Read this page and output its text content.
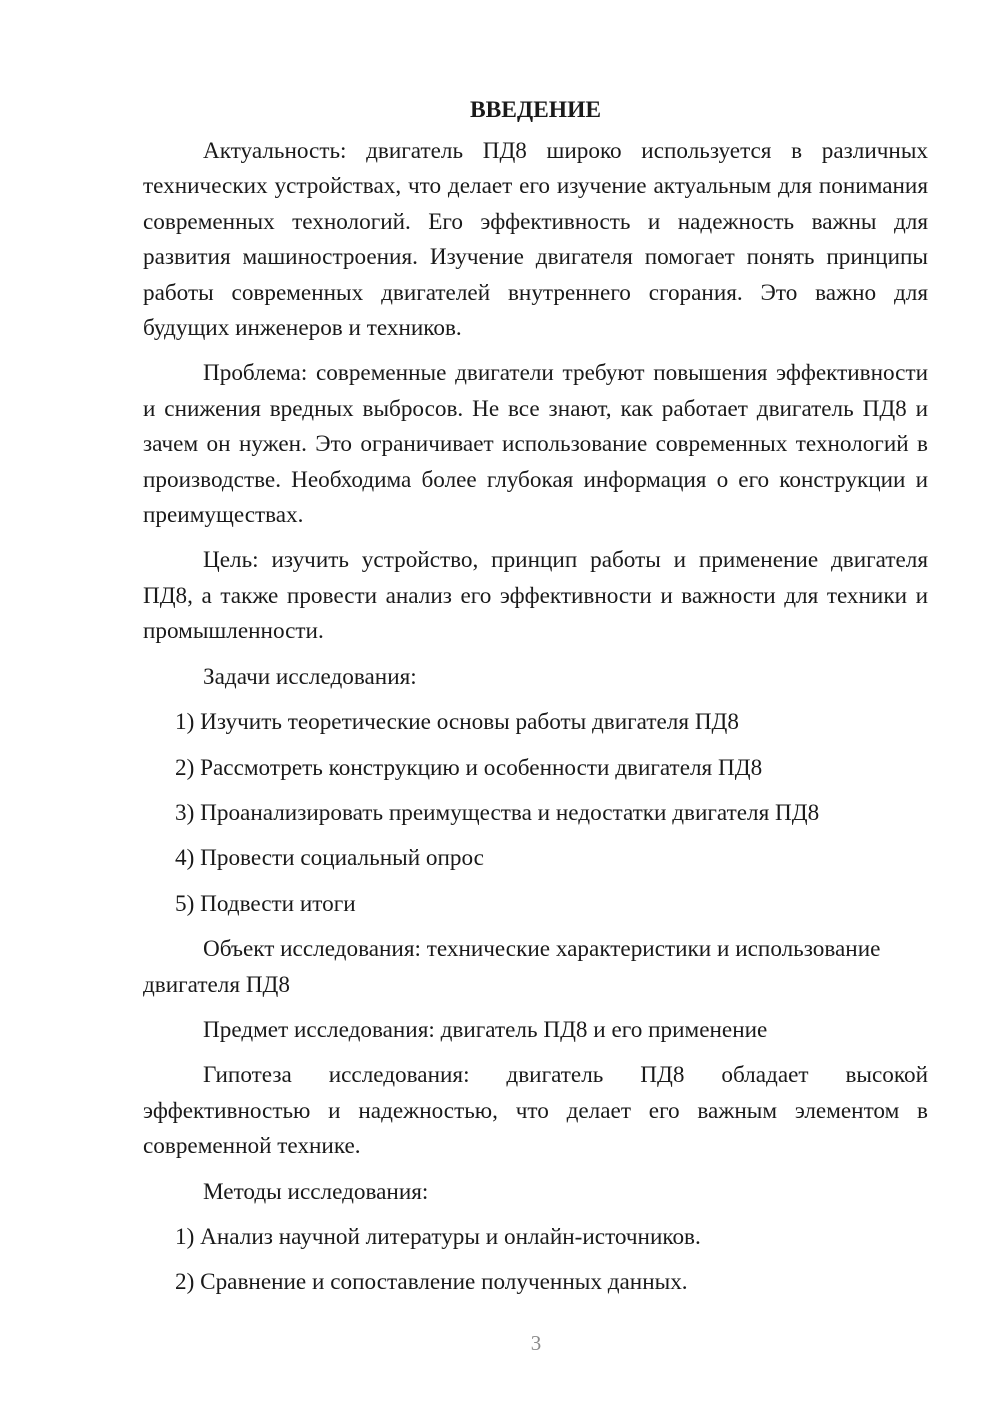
ВВЕДЕНИЕ

Актуальность: двигатель ПД8 широко используется в различных технических устройствах, что делает его изучение актуальным для понимания современных технологий. Его эффективность и надежность важны для развития машиностроения. Изучение двигателя помогает понять принципы работы современных двигателей внутреннего сгорания. Это важно для будущих инженеров и техников.

Проблема: современные двигатели требуют повышения эффективности и снижения вредных выбросов. Не все знают, как работает двигатель ПД8 и зачем он нужен. Это ограничивает использование современных технологий в производстве. Необходима более глубокая информация о его конструкции и преимуществах.

Цель: изучить устройство, принцип работы и применение двигателя ПД8, а также провести анализ его эффективности и важности для техники и промышленности.

Задачи исследования:

1) Изучить теоретические основы работы двигателя ПД8

2) Рассмотреть конструкцию и особенности двигателя ПД8

3) Проанализировать преимущества и недостатки двигателя ПД8

4) Провести социальный опрос

5) Подвести итоги

Объект исследования: технические характеристики и использование двигателя ПД8

Предмет исследования: двигатель ПД8 и его применение

Гипотеза исследования: двигатель ПД8 обладает высокой эффективностью и надежностью, что делает его важным элементом в современной технике.

Методы исследования:

1) Анализ научной литературы и онлайн-источников.

2) Сравнение и сопоставление полученных данных.

3
